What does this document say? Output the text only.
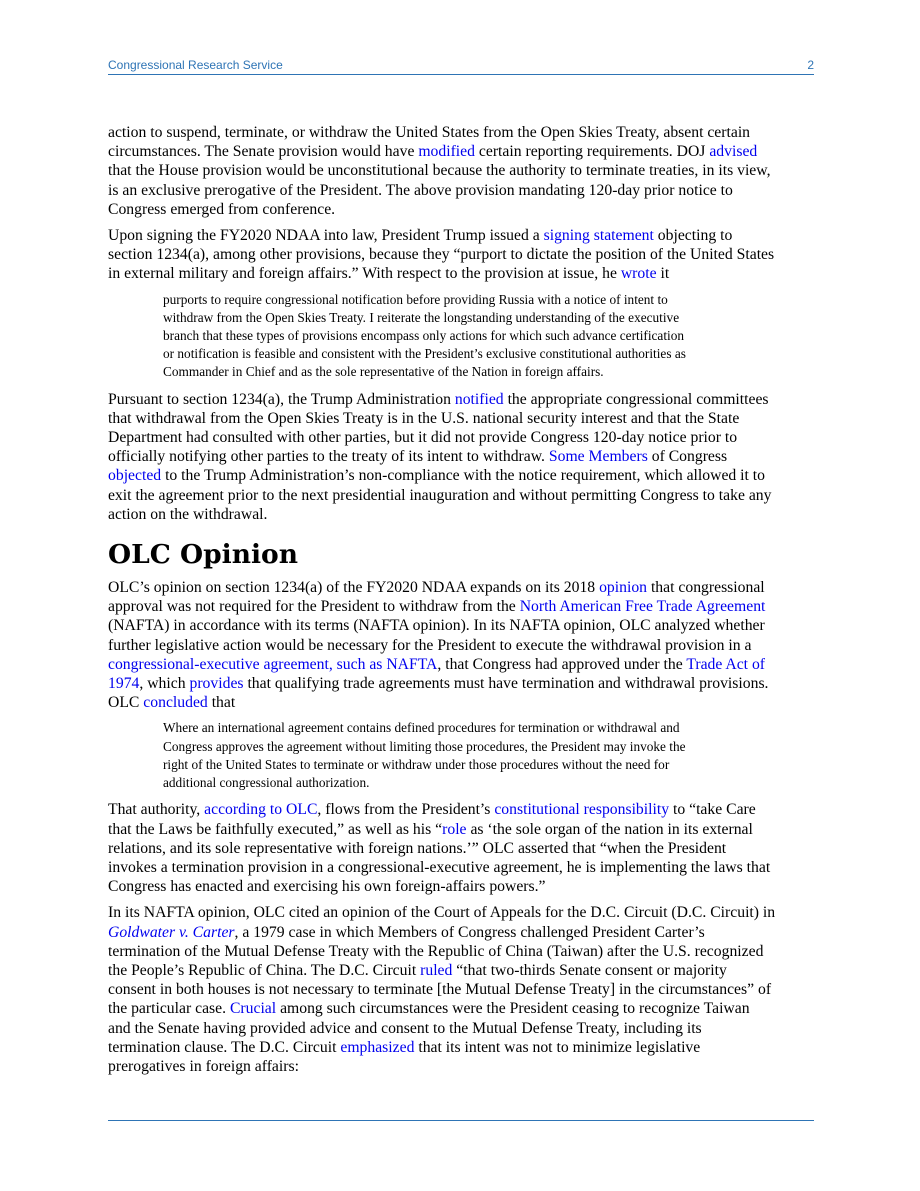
Congressional Research Service	2

action to suspend, terminate, or withdraw the United States from the Open Skies Treaty, absent certain
circumstances. The Senate provision would have modified certain reporting requirements. DOJ advised
that the House provision would be unconstitutional because the authority to terminate treaties, in its view,
is an exclusive prerogative of the President. The above provision mandating 120-day prior notice to
Congress emerged from conference.

Upon signing the FY2020 NDAA into law, President Trump issued a signing statement objecting to
section 1234(a), among other provisions, because they “purport to dictate the position of the United States
in external military and foreign affairs.” With respect to the provision at issue, he wrote it

purports to require congressional notification before providing Russia with a notice of intent to
withdraw from the Open Skies Treaty. I reiterate the longstanding understanding of the executive
branch that these types of provisions encompass only actions for which such advance certification
or notification is feasible and consistent with the President’s exclusive constitutional authorities as
Commander in Chief and as the sole representative of the Nation in foreign affairs.

Pursuant to section 1234(a), the Trump Administration notified the appropriate congressional committees
that withdrawal from the Open Skies Treaty is in the U.S. national security interest and that the State
Department had consulted with other parties, but it did not provide Congress 120-day notice prior to
officially notifying other parties to the treaty of its intent to withdraw. Some Members of Congress
objected to the Trump Administration’s non-compliance with the notice requirement, which allowed it to
exit the agreement prior to the next presidential inauguration and without permitting Congress to take any
action on the withdrawal.

OLC Opinion

OLC’s opinion on section 1234(a) of the FY2020 NDAA expands on its 2018 opinion that congressional
approval was not required for the President to withdraw from the North American Free Trade Agreement
(NAFTA) in accordance with its terms (NAFTA opinion). In its NAFTA opinion, OLC analyzed whether
further legislative action would be necessary for the President to execute the withdrawal provision in a
congressional-executive agreement, such as NAFTA, that Congress had approved under the Trade Act of
1974, which provides that qualifying trade agreements must have termination and withdrawal provisions.
OLC concluded that

Where an international agreement contains defined procedures for termination or withdrawal and
Congress approves the agreement without limiting those procedures, the President may invoke the
right of the United States to terminate or withdraw under those procedures without the need for
additional congressional authorization.

That authority, according to OLC, flows from the President’s constitutional responsibility to “take Care
that the Laws be faithfully executed,” as well as his “role as ‘the sole organ of the nation in its external
relations, and its sole representative with foreign nations.’” OLC asserted that “when the President
invokes a termination provision in a congressional-executive agreement, he is implementing the laws that
Congress has enacted and exercising his own foreign-affairs powers.”

In its NAFTA opinion, OLC cited an opinion of the Court of Appeals for the D.C. Circuit (D.C. Circuit) in
Goldwater v. Carter, a 1979 case in which Members of Congress challenged President Carter’s
termination of the Mutual Defense Treaty with the Republic of China (Taiwan) after the U.S. recognized
the People’s Republic of China. The D.C. Circuit ruled “that two-thirds Senate consent or majority
consent in both houses is not necessary to terminate [the Mutual Defense Treaty] in the circumstances” of
the particular case. Crucial among such circumstances were the President ceasing to recognize Taiwan
and the Senate having provided advice and consent to the Mutual Defense Treaty, including its
termination clause. The D.C. Circuit emphasized that its intent was not to minimize legislative
prerogatives in foreign affairs:
